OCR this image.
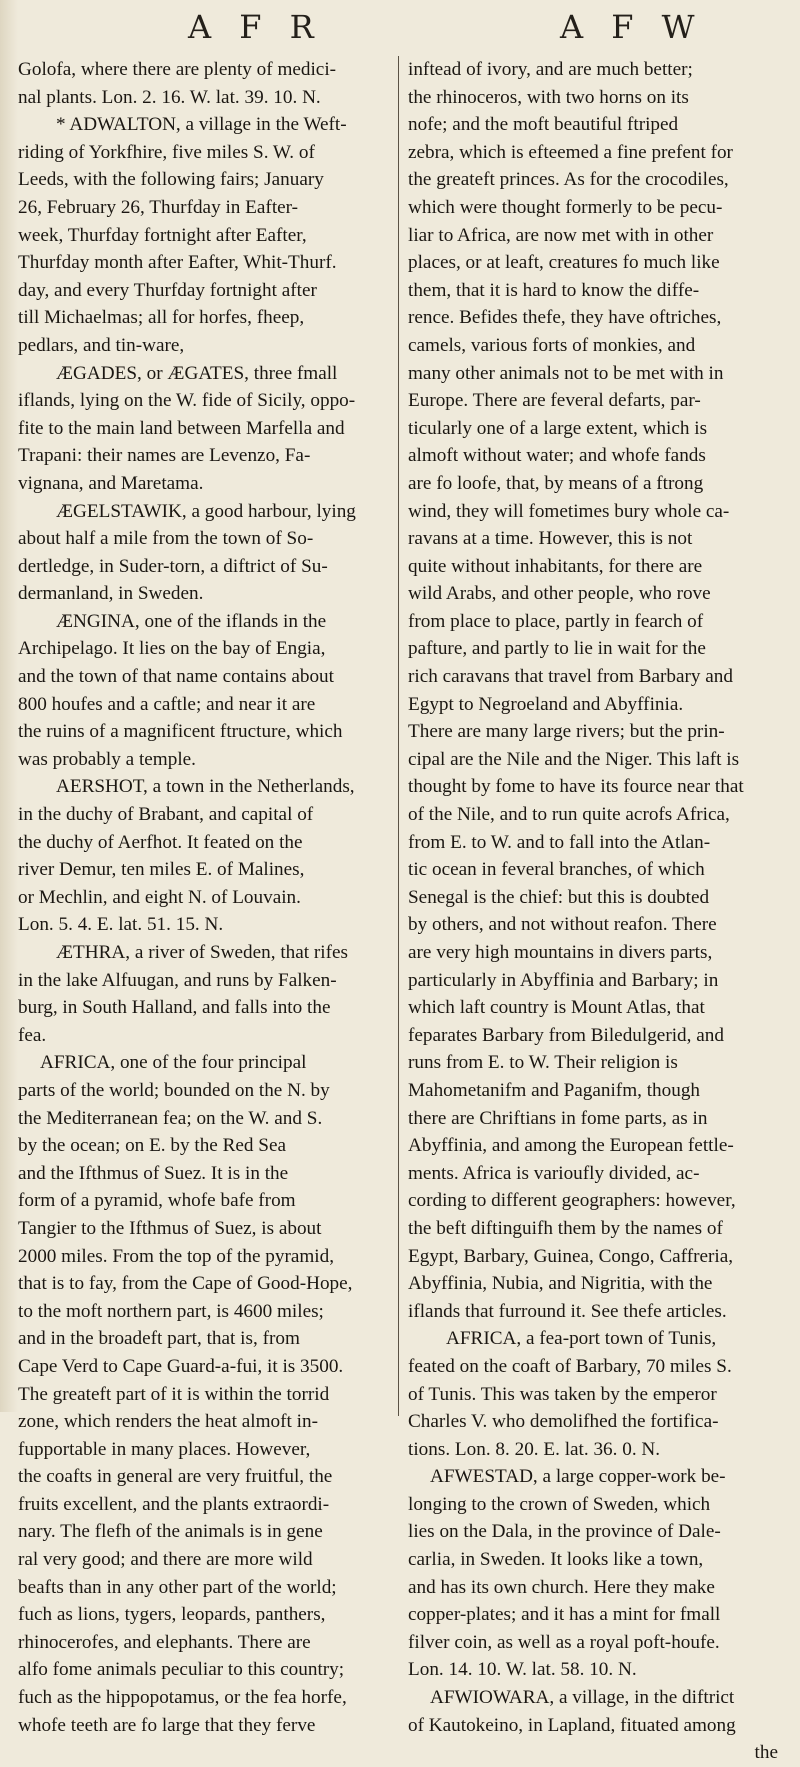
A F R	A F W
Golofa, where there are plenty of medici-
nal plants. Lon. 2. 16. W. lat. 39. 10. N.
* ADWALTON, a village in the Weft-
riding of Yorkfhire, five miles S. W. of
Leeds, with the following fairs; January
26, February 26, Thurfday in Eafter-
week, Thurfday fortnight after Eafter,
Thurfday month after Eafter, Whit-Thurf.
day, and every Thurfday fortnight after
till Michaelmas; all for horfes, fheep,
pedlars, and tin-ware,
ÆGADES, or ÆGATES, three fmall
iflands, lying on the W. fide of Sicily, oppo-
fite to the main land between Marfella and
Trapani: their names are Levenzo, Fa-
vignana, and Maretama.
ÆGELSTAWIK, a good harbour, lying
about half a mile from the town of So-
dertledge, in Suder-torn, a diftrict of Su-
dermanland, in Sweden.
ÆNGINA, one of the iflands in the
Archipelago. It lies on the bay of Engia,
and the town of that name contains about
800 houfes and a caftle; and near it are
the ruins of a magnificent ftructure, which
was probably a temple.
AERSHOT, a town in the Netherlands,
in the duchy of Brabant, and capital of
the duchy of Aerfhot. It feated on the
river Demur, ten miles E. of Malines,
or Mechlin, and eight N. of Louvain.
Lon. 5. 4. E. lat. 51. 15. N.
ÆTHRA, a river of Sweden, that rifes
in the lake Alfuugan, and runs by Falken-
burg, in South Halland, and falls into the
fea.
AFRICA, one of the four principal
parts of the world; bounded on the N. by
the Mediterranean fea; on the W. and S.
by the ocean; on E. by the Red Sea
and the Ifthmus of Suez. It is in the
form of a pyramid, whofe bafe from
Tangier to the Ifthmus of Suez, is about
2000 miles. From the top of the pyramid,
that is to fay, from the Cape of Good-Hope,
to the moft northern part, is 4600 miles;
and in the broadeft part, that is, from
Cape Verd to Cape Guard-a-fui, it is 3500.
The greateft part of it is within the torrid
zone, which renders the heat almoft in-
fupportable in many places. However,
the coafts in general are very fruitful, the
fruits excellent, and the plants extraordi-
nary. The flefh of the animals is in gene
ral very good; and there are more wild
beafts than in any other part of the world;
fuch as lions, tygers, leopards, panthers,
rhinocerofes, and elephants. There are
alfo fome animals peculiar to this country;
fuch as the hippopotamus, or the fea horfe,
whofe teeth are fo large that they ferve
inftead of ivory, and are much better;
the rhinoceros, with two horns on its
nofe; and the moft beautiful ftriped
zebra, which is efteemed a fine prefent for
the greateft princes. As for the crocodiles,
which were thought formerly to be pecu-
liar to Africa, are now met with in other
places, or at leaft, creatures fo much like
them, that it is hard to know the diffe-
rence. Befides thefe, they have oftriches,
camels, various forts of monkies, and
many other animals not to be met with in
Europe. There are feveral defarts, par-
ticularly one of a large extent, which is
almoft without water; and whofe fands
are fo loofe, that, by means of a ftrong
wind, they will fometimes bury whole ca-
ravans at a time. However, this is not
quite without inhabitants, for there are
wild Arabs, and other people, who rove
from place to place, partly in fearch of
pafture, and partly to lie in wait for the
rich caravans that travel from Barbary and
Egypt to Negroeland and Abyffinia.
There are many large rivers; but the prin-
cipal are the Nile and the Niger. This laft is
thought by fome to have its fource near that
of the Nile, and to run quite acrofs Africa,
from E. to W. and to fall into the Atlan-
tic ocean in feveral branches, of which
Senegal is the chief: but this is doubted
by others, and not without reafon. There
are very high mountains in divers parts,
particularly in Abyffinia and Barbary; in
which laft country is Mount Atlas, that
feparates Barbary from Biledulgerid, and
runs from E. to W. Their religion is
Mahometanifm and Paganifm, though
there are Chriftians in fome parts, as in
Abyffinia, and among the European fettle-
ments. Africa is varioufly divided, ac-
cording to different geographers: however,
the beft diftinguifh them by the names of
Egypt, Barbary, Guinea, Congo, Caffreria,
Abyffinia, Nubia, and Nigritia, with the
iflands that furround it. See thefe articles.
AFRICA, a fea-port town of Tunis,
feated on the coaft of Barbary, 70 miles S.
of Tunis. This was taken by the emperor
Charles V. who demolifhed the fortifica-
tions. Lon. 8. 20. E. lat. 36. 0. N.
AFWESTAD, a large copper-work be-
longing to the crown of Sweden, which
lies on the Dala, in the province of Dale-
carlia, in Sweden. It looks like a town,
and has its own church. Here they make
copper-plates; and it has a mint for fmall
filver coin, as well as a royal poft-houfe.
Lon. 14. 10. W. lat. 58. 10. N.
AFWIOWARA, a village, in the diftrict
of Kautokeino, in Lapland, fituated among
the
